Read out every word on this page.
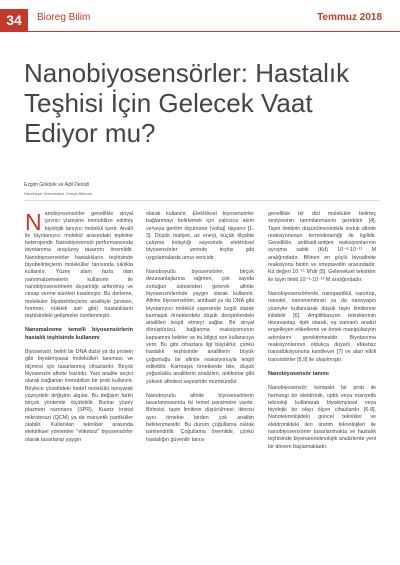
34	Bioreg Bilim	Temmuz 2018
Nanobiyosensörler: Hastalık Teşhisi İçin Gelecek Vaat Ediyor mu?
Ezgim Göktürk ve Adil Denizli
Hacettepe Üniversitesi, Kimya Bölümü

Nanobiyosensörler genellikle sinyal çevrici yüzeyine immobilize edilmiş biyolojik tanıyıcı molekül içerir. Analit ile biyotanıyıcı molekül arasındaki tepkime heterojendir. Nanobiyosensör performansında biyotanıma arayüzey tasarımı önemlidir. Nanobiyosensörler hastalıkların teşhisinde biyobelirteçlerin moleküller tanısında sıklıkla kullanılır. Yüzey alanı fazla olan nanomalzemelerin kullanımı ile nanobiyosensörlerin duyarlılığı arttırılmış ve cevap verme süreleri kısalmıştır. Bu derleme, molekuler biyobelirteçlerin analitiyle (protein, hormon, nükleik asit gibi) hastalıkların teşhisindeki gelişmeler özetlenmiştir.

Nanomalzeme temelli biyosensörlerin hastalık teşhisinde kullanımı

Biyosensör, belirli bir DNA dizisi ya da protein gibi biyokimyasal molekülleri tanıması ve ölçmesi için tasarlanmış cihazlardır. Birçok biyosensör afinite bazlıdır. Yani analite seçici olarak bağlanan immobilize bir prob kullanılır. Böylece çözeltideki hedef molekülü tanıyarak yüzeydeki değişimi algılar. Bu değişim farklı birçok yöntemle ölçülebilir. Bunlar yüzey plazmon rezonans (SPR), Kuartz kristal mikroterazi (QCM) ya da manyetik partiküller olabilir. Kullanılan teknikler arasında elektriksel yöntemler "etiketsiz" biyosensörler olarak tasarlanıp yaygın

olarak kullanılır. Elektriksel biyosensörler bağlanmayı belirlemek için yalnızca akım ve/veya gerilim ölçümüne (voltaj) dayanır [1-3]. Düşük maliyet, az enerji, küçük ölçekte çalışma kolaylığı sayesinde elektriksel biyosensörler yerinde teşhis gibi uygulamalarda umut vericidir.

Nanoboyutlu biyosensörler, birçok dezavantajlarına rağmen, çok sayıda zorluğun üstesinden gelerek afinite biyosensörlerinde yaygın olarak kullanılır. Afinite biyosensörler, antibadi ya da DNA gibi biyotanıyıcı molekül sayesinde özgül olarak karmaşık örneklerdeki düşük derişimlerdeki analitleri tespit etmeyi sağlar. Bir sinyal dönüştürücü, bağlanma reaksiyonunun kapsamını belirler ve bu bilgiyi son kullanıcıya verir. Bu gibi cihazlara ilgi büyüktür, çünkü hastalık teşhisinde analitlerin büyük çoğunluğu bir afinite reaksiyonuyla tespit edilebilir. Karmaşık örneklerde bile, düşük yoğunluklu analitlerin analizleri, antikorlar gibi yüksek afinitesi sayesinde mümkündür.

Nanoboyutlu afinite biyosensörlerin tasarlanmasında iki temel parametre vardır. Birincisi, tayin limitinin düşürülmesi; ikincisi aynı örnekte birden çok analitin belirlenmesidir. Bu durum çoğullama olarak isimlendirilir. Çoğullama önemlidir, çünkü hastalığın güvenilir tanısı

genellikle bir dizi moleküler belirteç seviyesinin tanımlanmasını gerektirir [4]. Tayin limitinin düşürülmesindeki zorluk afinite reaksiyonunun termodinamiği ile ilgilidir. Genellikle, antibadi-antijen reaksiyonlarının ayrışma sabiti (Kd) 10⁻⁸-10⁻¹² M aralığındadır. Bilinen en güçlü biyoafinite reaksiyonu biotin ve streptavidin arasındadır. Kd değeri 10⁻¹⁵ M'dir [5]. Geleneksel teknikler ile tayin limiti 10⁻⁹-10⁻¹³ M aralığındadır.

Nanobiyosensörlerde, nanopartikül, nanotüp, nanotel, nanomembran ya da nanoyapılı yüzeyler kullanılarak düşük tayin limitlerine inilebilir [6]. Amplifikasyon tekniklerinin dezavantajı, tipik olarak, eş zamanlı analizi engelleyen etiketleme ve örnek manipülasyon adımlarını gerektirmesidir. Biyotanıma reaksiyonlarının oldukça duyarlı, etiketsiz transdüksiyonuna kantilever [7] ve alan etkili transistörler [8,9] ile ulaşılmıştır.

Nanobiyosensör tanımı

Nanobiyosensör; kompakt bir prob ile herhangi bir elektronik, optik veya manyetik teknoloji kullanarak biyokimyasal veya biyolojik bir olayı ölçen cihazlardır [6-8]. Nanoteknolojideki güncel teknikler ve elektronikteki ileri üretim teknolojileri ile nanobiyosensörler tasarlanmakta ve hastalık teşhisinde biyonanoteknolojik analizlerde yeni bir dönem başlamaktadır.
